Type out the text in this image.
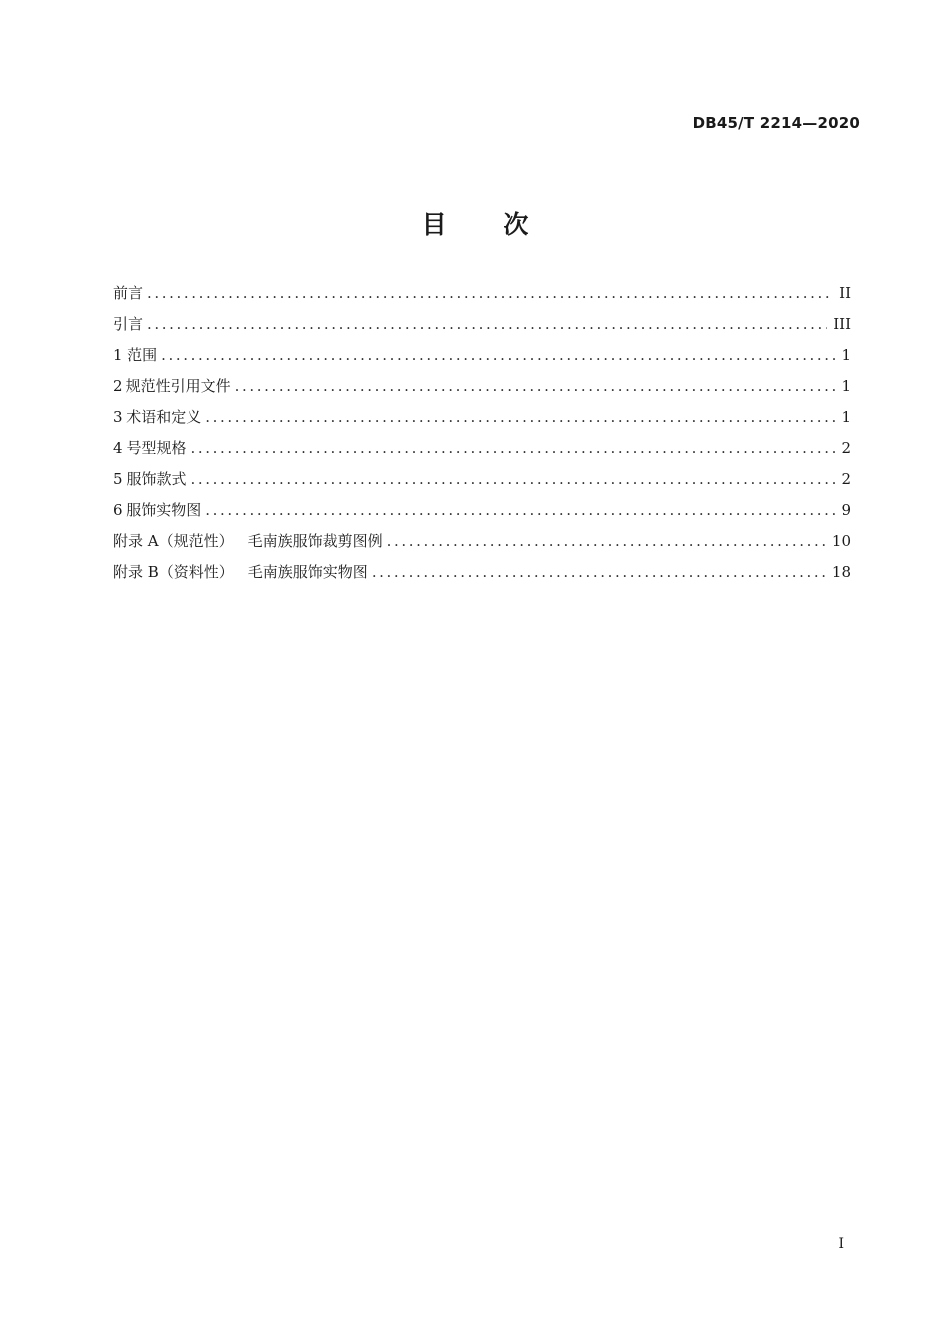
DB45/T 2214—2020
目 次
前言 .....	II
引言 .....	III
1 范围 .....	1
2 规范性引用文件 .....	1
3 术语和定义 .....	1
4 号型规格 .....	2
5 服饰款式 .....	2
6 服饰实物图 .....	9
附录 A（规范性） 毛南族服饰裁剪图例 .....	10
附录 B（资料性） 毛南族服饰实物图 .....	18
I
